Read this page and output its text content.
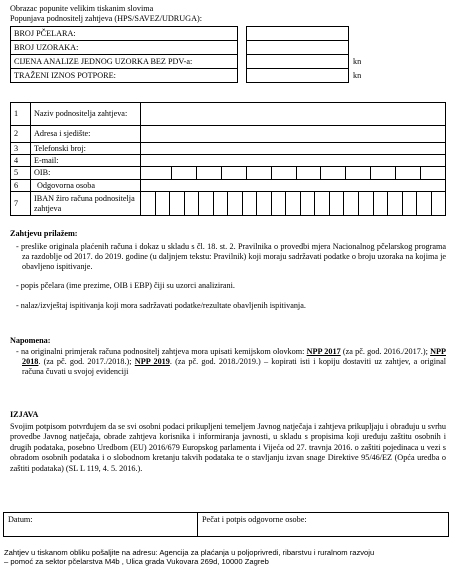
Obrazac popunite velikim tiskanim slovima
Popunjava podnositelj zahtjeva (HPS/SAVEZ/UDRUGA):
BROJ PČELARA:			
BROJ UZORAKA:			
CIJENA ANALIZE JEDNOG UZORKA BEZ PDV-a:			kn
TRAŽENI IZNOS POTPORE:			kn
1	Naziv podnositelja zahtjeva:	
2	Adresa i sjedište:	
3	Telefonski broj:	
4	E-mail:	
5	OIB:	

6	Odgovorna osoba	
7	IBAN žiro računa podnositelja zahtjeva	

Zahtjevu prilažem:

- preslike originala plaćenih računa i dokaz u skladu s čl. 18. st. 2. Pravilnika o provedbi mjera Nacionalnog pčelarskog programa za razdoblje od 2017. do 2019. godine (u daljnjem tekstu: Pravilnik) koji moraju sadržavati podatke o broju uzoraka na kojima je obavljeno ispitivanje.

- popis pčelara (ime prezime, OIB i EBP) čiji su uzorci analizirani.

- nalaz/izvještaj ispitivanja koji mora sadržavati podatke/rezultate obavljenih ispitivanja.

Napomena:

- na originalni primjerak računa podnositelj zahtjeva mora upisati kemijskom olovkom: NPP 2017 (za pč. god. 2016./2017.); NPP 2018. (za pč. god. 2017./2018.); NPP 2019. (za pč. god. 2018./2019.) – kopirati isti i kopiju dostaviti uz zahtjev, a original računa čuvati u svojoj evidenciji

IZJAVA

Svojim potpisom potvrđujem da se svi osobni podaci prikupljeni temeljem Javnog natječaja i zahtjeva prikupljaju i obrađuju u svrhu provedbe Javnog natječaja, obrade zahtjeva korisnika i informiranja javnosti, u skladu s propisima koji uređuju zaštitu osobnih i drugih podataka, posebno Uredbom (EU) 2016/679 Europskog parlamenta i Vijeća od 27. travnja 2016. o zaštiti pojedinaca u vezi s obradom osobnih podataka i o slobodnom kretanju takvih podataka te o stavljanju izvan snage Direktive 95/46/EZ (Opća uredba o zaštiti podataka) (SL L 119, 4. 5. 2016.).

Datum:	Pečat i potpis odgovorne osobe:

Zahtjev u tiskanom obliku pošaljite na adresu: Agencija za plaćanja u poljoprivredi, ribarstvu i ruralnom razvoju

– pomoć za sektor pčelarstva M4b , Ulica grada Vukovara 269d, 10000 Zagreb
